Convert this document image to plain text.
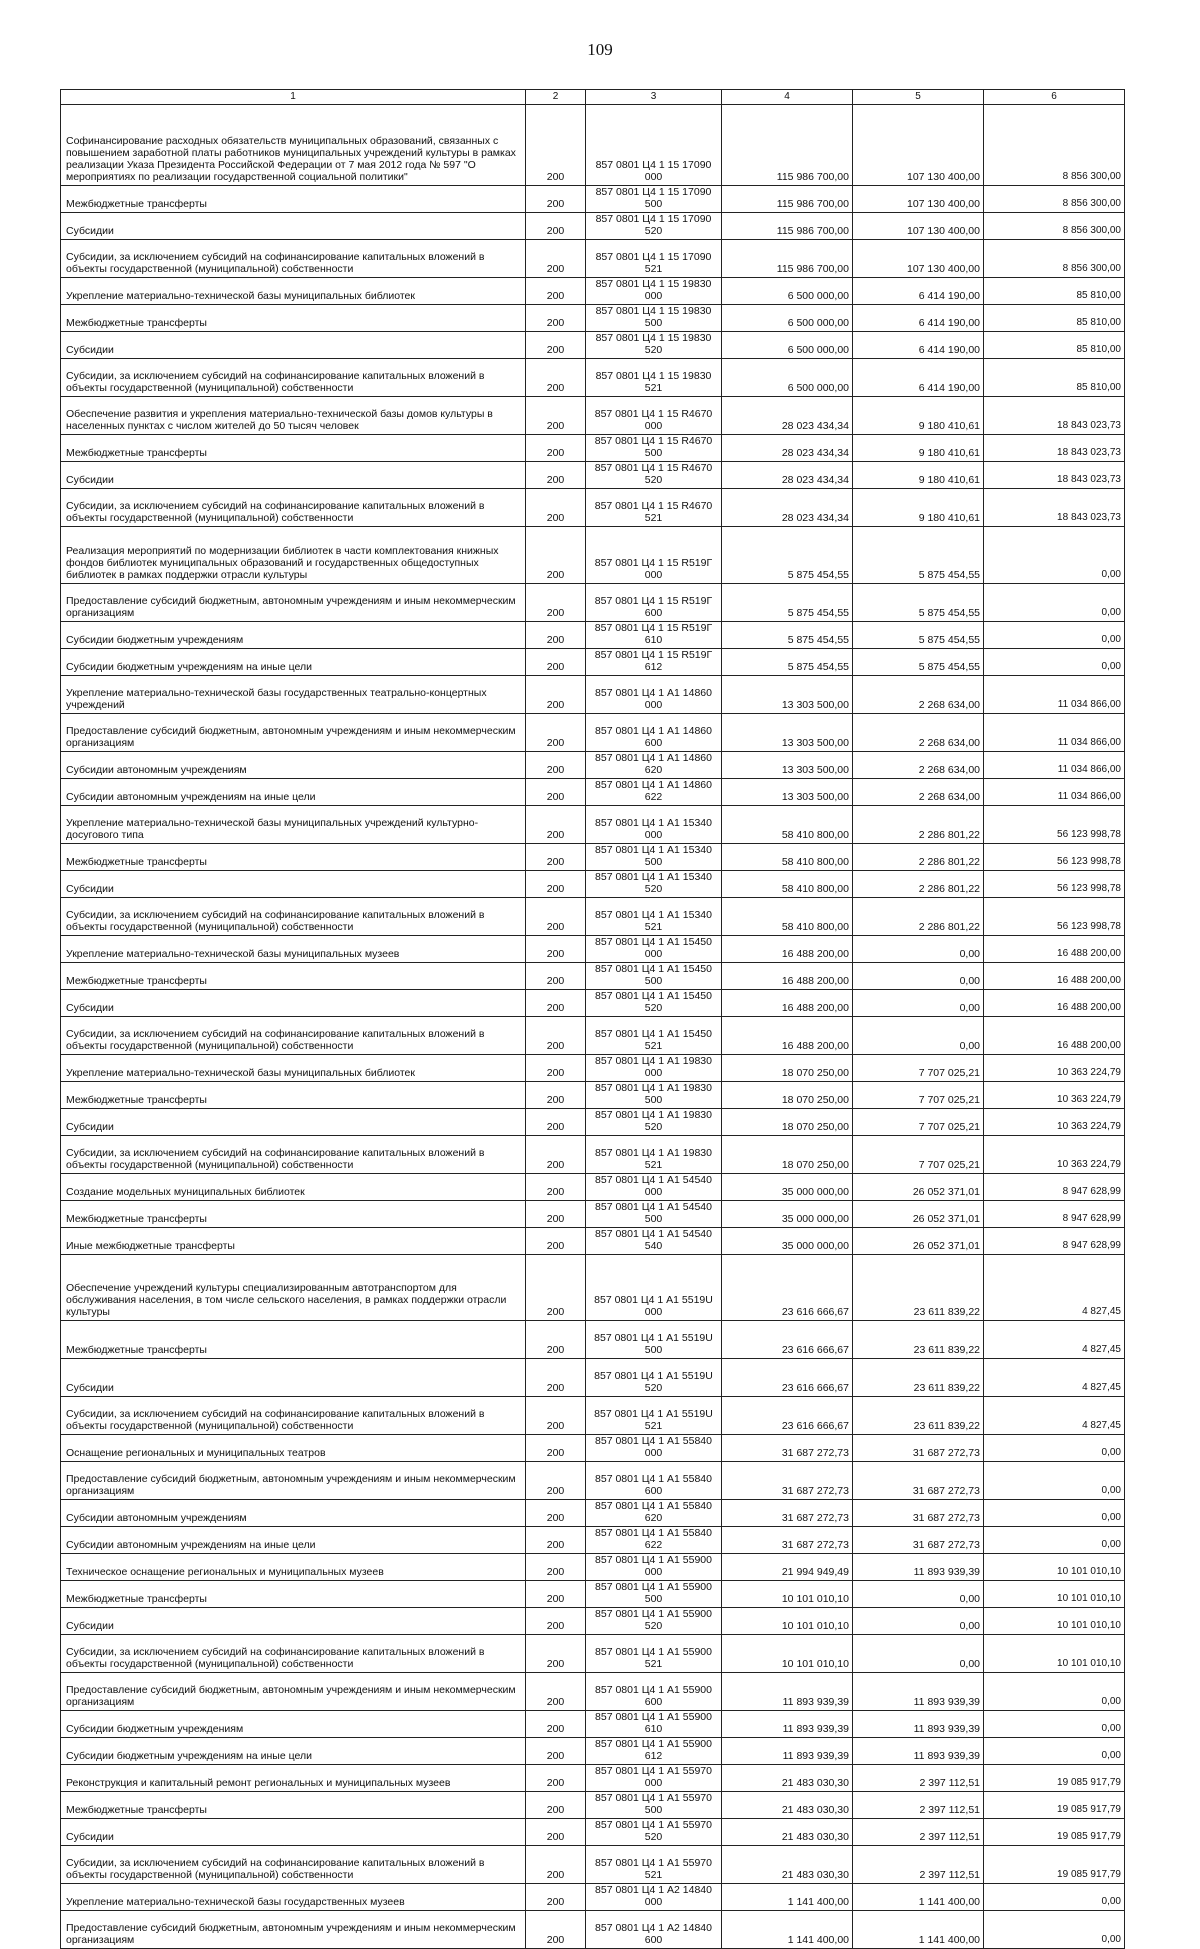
109
1	2	3	4	5	6
Софинансирование расходных обязательств муниципальных образований, связанных с повышением заработной платы работников муниципальных учреждений культуры в рамках реализации Указа Президента Российской Федерации от 7 мая 2012 года № 597 "О мероприятиях по реализации государственной социальной политики"	200	857 0801 Ц4 1 15 17090 000	115 986 700,00	107 130 400,00	8 856 300,00
Межбюджетные трансферты	200	857 0801 Ц4 1 15 17090 500	115 986 700,00	107 130 400,00	8 856 300,00
Субсидии	200	857 0801 Ц4 1 15 17090 520	115 986 700,00	107 130 400,00	8 856 300,00
Субсидии, за исключением субсидий на софинансирование капитальных вложений в объекты государственной (муниципальной) собственности	200	857 0801 Ц4 1 15 17090 521	115 986 700,00	107 130 400,00	8 856 300,00
Укрепление материально-технической базы муниципальных библиотек	200	857 0801 Ц4 1 15 19830 000	6 500 000,00	6 414 190,00	85 810,00
Межбюджетные трансферты	200	857 0801 Ц4 1 15 19830 500	6 500 000,00	6 414 190,00	85 810,00
Субсидии	200	857 0801 Ц4 1 15 19830 520	6 500 000,00	6 414 190,00	85 810,00
Субсидии, за исключением субсидий на софинансирование капитальных вложений в объекты государственной (муниципальной) собственности	200	857 0801 Ц4 1 15 19830 521	6 500 000,00	6 414 190,00	85 810,00
Обеспечение развития и укрепления материально-технической базы домов культуры в населенных пунктах с числом жителей до 50 тысяч человек	200	857 0801 Ц4 1 15 R4670 000	28 023 434,34	9 180 410,61	18 843 023,73
Межбюджетные трансферты	200	857 0801 Ц4 1 15 R4670 500	28 023 434,34	9 180 410,61	18 843 023,73
Субсидии	200	857 0801 Ц4 1 15 R4670 520	28 023 434,34	9 180 410,61	18 843 023,73
Субсидии, за исключением субсидий на софинансирование капитальных вложений в объекты государственной (муниципальной) собственности	200	857 0801 Ц4 1 15 R4670 521	28 023 434,34	9 180 410,61	18 843 023,73
Реализация мероприятий по модернизации библиотек в части комплектования книжных фондов библиотек муниципальных образований и государственных общедоступных библиотек в рамках поддержки отрасли культуры	200	857 0801 Ц4 1 15 R519Г 000	5 875 454,55	5 875 454,55	0,00
Предоставление субсидий бюджетным, автономным учреждениям и иным некоммерческим организациям	200	857 0801 Ц4 1 15 R519Г 600	5 875 454,55	5 875 454,55	0,00
Субсидии бюджетным учреждениям	200	857 0801 Ц4 1 15 R519Г 610	5 875 454,55	5 875 454,55	0,00
Субсидии бюджетным учреждениям на иные цели	200	857 0801 Ц4 1 15 R519Г 612	5 875 454,55	5 875 454,55	0,00
Укрепление материально-технической базы государственных театрально-концертных учреждений	200	857 0801 Ц4 1 А1 14860 000	13 303 500,00	2 268 634,00	11 034 866,00
Предоставление субсидий бюджетным, автономным учреждениям и иным некоммерческим организациям	200	857 0801 Ц4 1 А1 14860 600	13 303 500,00	2 268 634,00	11 034 866,00
Субсидии автономным учреждениям	200	857 0801 Ц4 1 А1 14860 620	13 303 500,00	2 268 634,00	11 034 866,00
Субсидии автономным учреждениям на иные цели	200	857 0801 Ц4 1 А1 14860 622	13 303 500,00	2 268 634,00	11 034 866,00
Укрепление материально-технической базы муниципальных учреждений культурно-досугового типа	200	857 0801 Ц4 1 А1 15340 000	58 410 800,00	2 286 801,22	56 123 998,78
Межбюджетные трансферты	200	857 0801 Ц4 1 А1 15340 500	58 410 800,00	2 286 801,22	56 123 998,78
Субсидии	200	857 0801 Ц4 1 А1 15340 520	58 410 800,00	2 286 801,22	56 123 998,78
Субсидии, за исключением субсидий на софинансирование капитальных вложений в объекты государственной (муниципальной) собственности	200	857 0801 Ц4 1 А1 15340 521	58 410 800,00	2 286 801,22	56 123 998,78
Укрепление материально-технической базы муниципальных музеев	200	857 0801 Ц4 1 А1 15450 000	16 488 200,00	0,00	16 488 200,00
Межбюджетные трансферты	200	857 0801 Ц4 1 А1 15450 500	16 488 200,00	0,00	16 488 200,00
Субсидии	200	857 0801 Ц4 1 А1 15450 520	16 488 200,00	0,00	16 488 200,00
Субсидии, за исключением субсидий на софинансирование капитальных вложений в объекты государственной (муниципальной) собственности	200	857 0801 Ц4 1 А1 15450 521	16 488 200,00	0,00	16 488 200,00
Укрепление материально-технической базы муниципальных библиотек	200	857 0801 Ц4 1 А1 19830 000	18 070 250,00	7 707 025,21	10 363 224,79
Межбюджетные трансферты	200	857 0801 Ц4 1 А1 19830 500	18 070 250,00	7 707 025,21	10 363 224,79
Субсидии	200	857 0801 Ц4 1 А1 19830 520	18 070 250,00	7 707 025,21	10 363 224,79
Субсидии, за исключением субсидий на софинансирование капитальных вложений в объекты государственной (муниципальной) собственности	200	857 0801 Ц4 1 А1 19830 521	18 070 250,00	7 707 025,21	10 363 224,79
Создание модельных муниципальных библиотек	200	857 0801 Ц4 1 А1 54540 000	35 000 000,00	26 052 371,01	8 947 628,99
Межбюджетные трансферты	200	857 0801 Ц4 1 А1 54540 500	35 000 000,00	26 052 371,01	8 947 628,99
Иные межбюджетные трансферты	200	857 0801 Ц4 1 А1 54540 540	35 000 000,00	26 052 371,01	8 947 628,99
Обеспечение учреждений культуры специализированным автотранспортом для обслуживания населения, в том числе сельского населения, в рамках поддержки отрасли культуры	200	857 0801 Ц4 1 А1 5519U 000	23 616 666,67	23 611 839,22	4 827,45
Межбюджетные трансферты	200	857 0801 Ц4 1 А1 5519U 500	23 616 666,67	23 611 839,22	4 827,45
Субсидии	200	857 0801 Ц4 1 А1 5519U 520	23 616 666,67	23 611 839,22	4 827,45
Субсидии, за исключением субсидий на софинансирование капитальных вложений в объекты государственной (муниципальной) собственности	200	857 0801 Ц4 1 А1 5519U 521	23 616 666,67	23 611 839,22	4 827,45
Оснащение региональных и муниципальных театров	200	857 0801 Ц4 1 А1 55840 000	31 687 272,73	31 687 272,73	0,00
Предоставление субсидий бюджетным, автономным учреждениям и иным некоммерческим организациям	200	857 0801 Ц4 1 А1 55840 600	31 687 272,73	31 687 272,73	0,00
Субсидии автономным учреждениям	200	857 0801 Ц4 1 А1 55840 620	31 687 272,73	31 687 272,73	0,00
Субсидии автономным учреждениям на иные цели	200	857 0801 Ц4 1 А1 55840 622	31 687 272,73	31 687 272,73	0,00
Техническое оснащение региональных и муниципальных музеев	200	857 0801 Ц4 1 А1 55900 000	21 994 949,49	11 893 939,39	10 101 010,10
Межбюджетные трансферты	200	857 0801 Ц4 1 А1 55900 500	10 101 010,10	0,00	10 101 010,10
Субсидии	200	857 0801 Ц4 1 А1 55900 520	10 101 010,10	0,00	10 101 010,10
Субсидии, за исключением субсидий на софинансирование капитальных вложений в объекты государственной (муниципальной) собственности	200	857 0801 Ц4 1 А1 55900 521	10 101 010,10	0,00	10 101 010,10
Предоставление субсидий бюджетным, автономным учреждениям и иным некоммерческим организациям	200	857 0801 Ц4 1 А1 55900 600	11 893 939,39	11 893 939,39	0,00
Субсидии бюджетным учреждениям	200	857 0801 Ц4 1 А1 55900 610	11 893 939,39	11 893 939,39	0,00
Субсидии бюджетным учреждениям на иные цели	200	857 0801 Ц4 1 А1 55900 612	11 893 939,39	11 893 939,39	0,00
Реконструкция и капитальный ремонт региональных и муниципальных музеев	200	857 0801 Ц4 1 А1 55970 000	21 483 030,30	2 397 112,51	19 085 917,79
Межбюджетные трансферты	200	857 0801 Ц4 1 А1 55970 500	21 483 030,30	2 397 112,51	19 085 917,79
Субсидии	200	857 0801 Ц4 1 А1 55970 520	21 483 030,30	2 397 112,51	19 085 917,79
Субсидии, за исключением субсидий на софинансирование капитальных вложений в объекты государственной (муниципальной) собственности	200	857 0801 Ц4 1 А1 55970 521	21 483 030,30	2 397 112,51	19 085 917,79
Укрепление материально-технической базы государственных музеев	200	857 0801 Ц4 1 А2 14840 000	1 141 400,00	1 141 400,00	0,00
Предоставление субсидий бюджетным, автономным учреждениям и иным некоммерческим организациям	200	857 0801 Ц4 1 А2 14840 600	1 141 400,00	1 141 400,00	0,00
